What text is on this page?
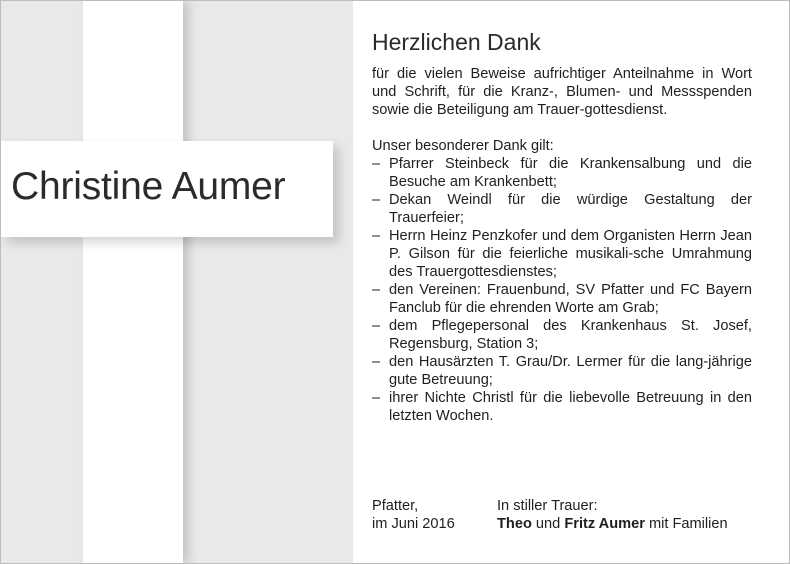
Christine Aumer
Herzlichen Dank

für die vielen Beweise aufrichtiger Anteilnahme in Wort und Schrift, für die Kranz-, Blumen- und Messspenden sowie die Beteiligung am Trauer-gottesdienst.

Unser besonderer Dank gilt:
– Pfarrer Steinbeck für die Krankensalbung und die Besuche am Krankenbett;
– Dekan Weindl für die würdige Gestaltung der Trauerfeier;
– Herrn Heinz Penzkofer und dem Organisten Herrn Jean P. Gilson für die feierliche musikali-sche Umrahmung des Trauergottesdienstes;
– den Vereinen: Frauenbund, SV Pfatter und FC Bayern Fanclub für die ehrenden Worte am Grab;
– dem Pflegepersonal des Krankenhaus St. Josef, Regensburg, Station 3;
– den Hausärzten T. Grau/Dr. Lermer für die lang-jährige gute Betreuung;
– ihrer Nichte Christl für die liebevolle Betreuung in den letzten Wochen.
Pfatter,
im Juni 2016
In stiller Trauer:
Theo und Fritz Aumer mit Familien
